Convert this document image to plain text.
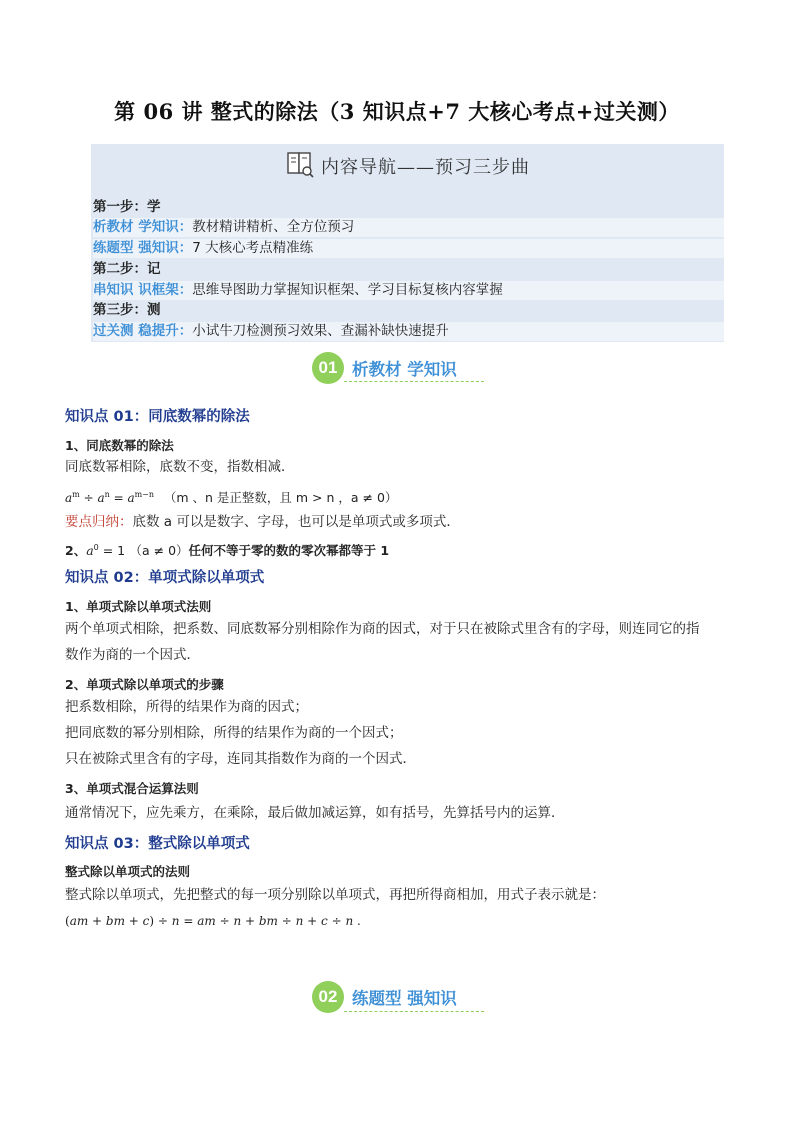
第 06 讲 整式的除法（3 知识点+7 大核心考点+过关测）
内容导航——预习三步曲
第一步：学
析教材 学知识：教材精讲精析、全方位预习
练题型 强知识：7 大核心考点精准练
第二步：记
串知识 识框架：思维导图助力掌握知识框架、学习目标复核内容掌握
第三步：测
过关测 稳提升：小试牛刀检测预习效果、查漏补缺快速提升
01 析教材 学知识
知识点 01：同底数幂的除法
1、同底数幂的除法
同底数幂相除，底数不变，指数相减．
$a^m \div a^n = a^{m-n}$ （m 、n 是正整数，且 m > n ，a ≠ 0）
要点归纳：底数 a 可以是数字、字母，也可以是单项式或多项式．
2、$a^0 = 1$ （a ≠ 0）任何不等于零的数的零次幂都等于 1
知识点 02：单项式除以单项式
1、单项式除以单项式法则
两个单项式相除，把系数、同底数幂分别相除作为商的因式，对于只在被除式里含有的字母，则连同它的指
数作为商的一个因式．
2、单项式除以单项式的步骤
把系数相除，所得的结果作为商的因式；
把同底数的幂分别相除，所得的结果作为商的一个因式；
只在被除式里含有的字母，连同其指数作为商的一个因式．
3、单项式混合运算法则
通常情况下，应先乘方，在乘除，最后做加减运算，如有括号，先算括号内的运算．
知识点 03：整式除以单项式
整式除以单项式的法则
整式除以单项式，先把整式的每一项分别除以单项式，再把所得商相加，用式子表示就是：
(am + bm + c) ÷ n = am ÷ n + bm ÷ n + c ÷ n .
02 练题型 强知识
